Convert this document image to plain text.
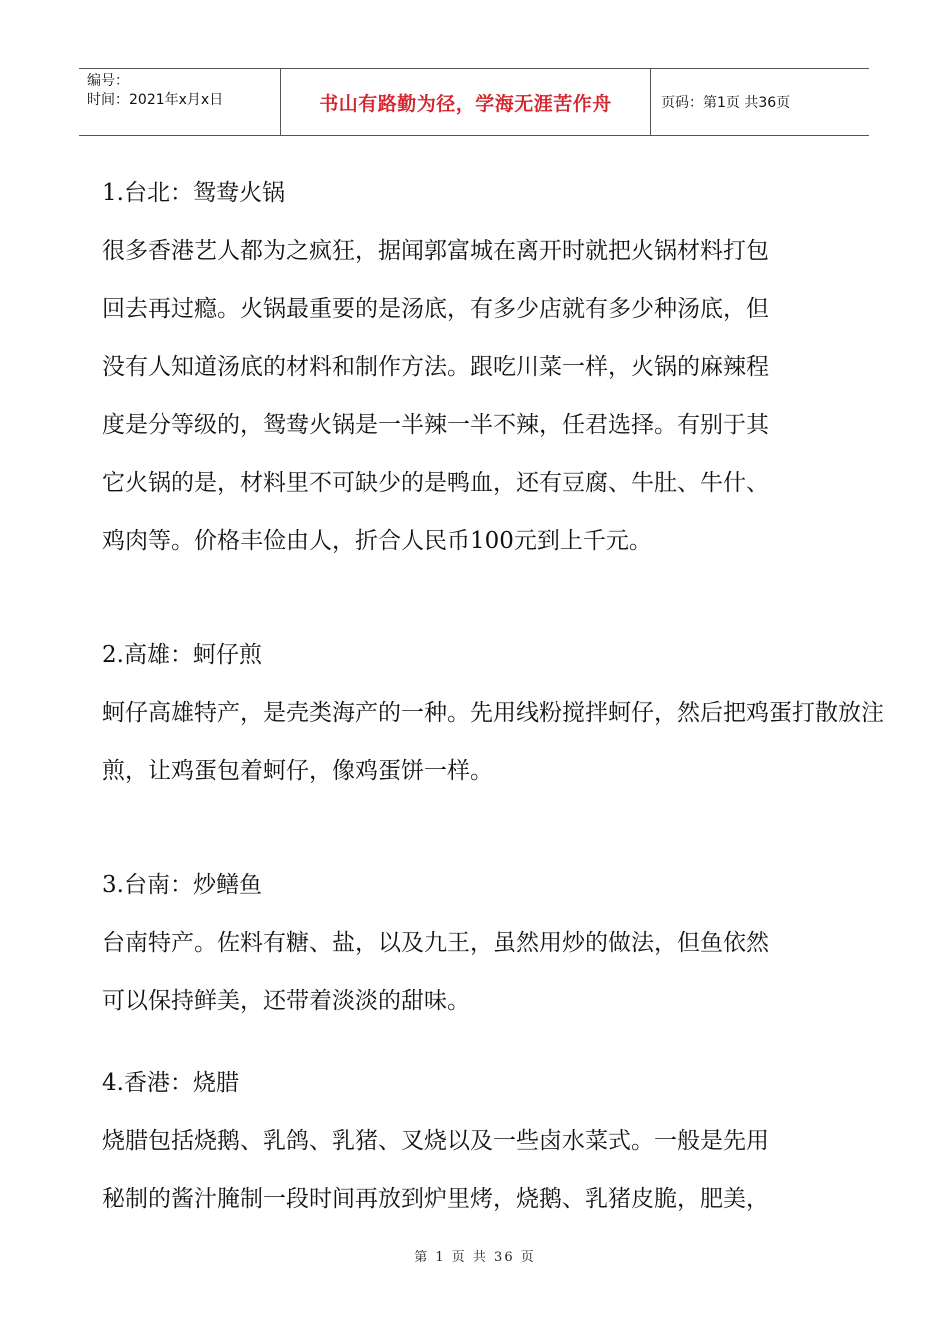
编号：
时间：2021年x月x日	书山有路勤为径，学海无涯苦作舟	页码：第1页 共36页
1.台北：鸳鸯火锅
很多香港艺人都为之疯狂，据闻郭富城在离开时就把火锅材料打包
回去再过瘾。火锅最重要的是汤底，有多少店就有多少种汤底，但
没有人知道汤底的材料和制作方法。跟吃川菜一样，火锅的麻辣程
度是分等级的，鸳鸯火锅是一半辣一半不辣，任君选择。有别于其
它火锅的是，材料里不可缺少的是鸭血，还有豆腐、牛肚、牛什、
鸡肉等。价格丰俭由人，折合人民币100元到上千元。
2.高雄：蚵仔煎
蚵仔高雄特产，是壳类海产的一种。先用线粉搅拌蚵仔，然后把鸡蛋打散放注
煎，让鸡蛋包着蚵仔，像鸡蛋饼一样。
3.台南：炒鳝鱼
台南特产。佐料有糖、盐，以及九王，虽然用炒的做法，但鱼依然
可以保持鲜美，还带着淡淡的甜味。
4.香港：烧腊
烧腊包括烧鹅、乳鸽、乳猪、叉烧以及一些卤水菜式。一般是先用
秘制的酱汁腌制一段时间再放到炉里烤，烧鹅、乳猪皮脆，肥美，
第 1 页 共 36 页
